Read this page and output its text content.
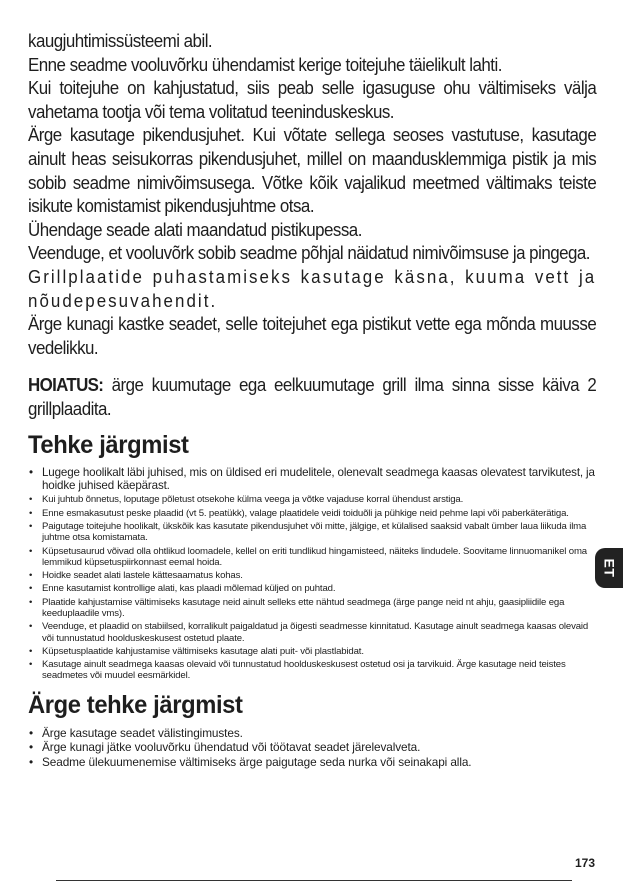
kaugjuhtimissüsteemi abil.

Enne seadme vooluvõrku ühendamist kerige toitejuhe täielikult lahti.

Kui toitejuhe on kahjustatud, siis peab selle igasuguse ohu vältimiseks välja vahetama tootja või tema volitatud teeninduskeskus.

Ärge kasutage pikendusjuhet. Kui võtate sellega seoses vastutuse, kasutage ainult heas seisukorras pikendusjuhet, millel on maandusklemmiga pistik ja mis sobib seadme nimivõimsusega. Võtke kõik vajalikud meetmed vältimaks teiste isikute komistamist pikendusjuhtme otsa.

Ühendage seade alati maandatud pistikupessa.

Veenduge, et vooluvõrk sobib seadme põhjal näidatud nimivõimsuse ja pingega.

Grillplaatide puhastamiseks kasutage käsna, kuuma vett ja nõudepesuvahendit.

Ärge kunagi kastke seadet, selle toitejuhet ega pistikut vette ega mõnda muusse vedelikku.

HOIATUS: ärge kuumutage ega eelkuumutage grill ilma sinna sisse käiva 2 grillplaadita.

Tehke järgmist
• Lugege hoolikalt läbi juhised, mis on üldised eri mudelitele, olenevalt seadmega kaasas olevatest tarvikutest, ja hoidke juhised käepärast.
• Kui juhtub õnnetus, loputage põletust otsekohe külma veega ja võtke vajaduse korral ühendust arstiga.
• Enne esmakasutust peske plaadid (vt 5. peatükk), valage plaatidele veidi toiduõli ja pühkige neid pehme lapi või paberkäterätiga.
• Paigutage toitejuhe hoolikalt, ükskõik kas kasutate pikendusjuhet või mitte, jälgige, et külalised saaksid vabalt ümber laua liikuda ilma juhtme otsa komistamata.
• Küpsetusaurud võivad olla ohtlikud loomadele, kellel on eriti tundlikud hingamisteed, näiteks lindudele. Soovitame linnuomanikel oma lemmikud küpsetuspiirkonnast eemal hoida.
• Hoidke seadet alati lastele kättesaamatus kohas.
• Enne kasutamist kontrollige alati, kas plaadi mõlemad küljed on puhtad.
• Plaatide kahjustamise vältimiseks kasutage neid ainult selleks ette nähtud seadmega (ärge pange neid nt ahju, gaasipliidile ega keeduplaadile vms).
• Veenduge, et plaadid on stabiilsed, korralikult paigaldatud ja õigesti seadmesse kinnitatud. Kasutage ainult seadmega kaasas olevaid või tunnustatud hoolduskeskusest ostetud plaate.
• Küpsetusplaatide kahjustamise vältimiseks kasutage alati puit- või plastlabidat.
• Kasutage ainult seadmega kaasas olevaid või tunnustatud hoolduskeskusest ostetud osi ja tarvikuid. Ärge kasutage neid teistes seadmetes või muudel eesmärkidel.
Ärge tehke järgmist
• Ärge kasutage seadet välistingimustes.
• Ärge kunagi jätke vooluvõrku ühendatud või töötavat seadet järelevalveta.
• Seadme ülekuumenemise vältimiseks ärge paigutage seda nurka või seinakapi alla.
ET
173
